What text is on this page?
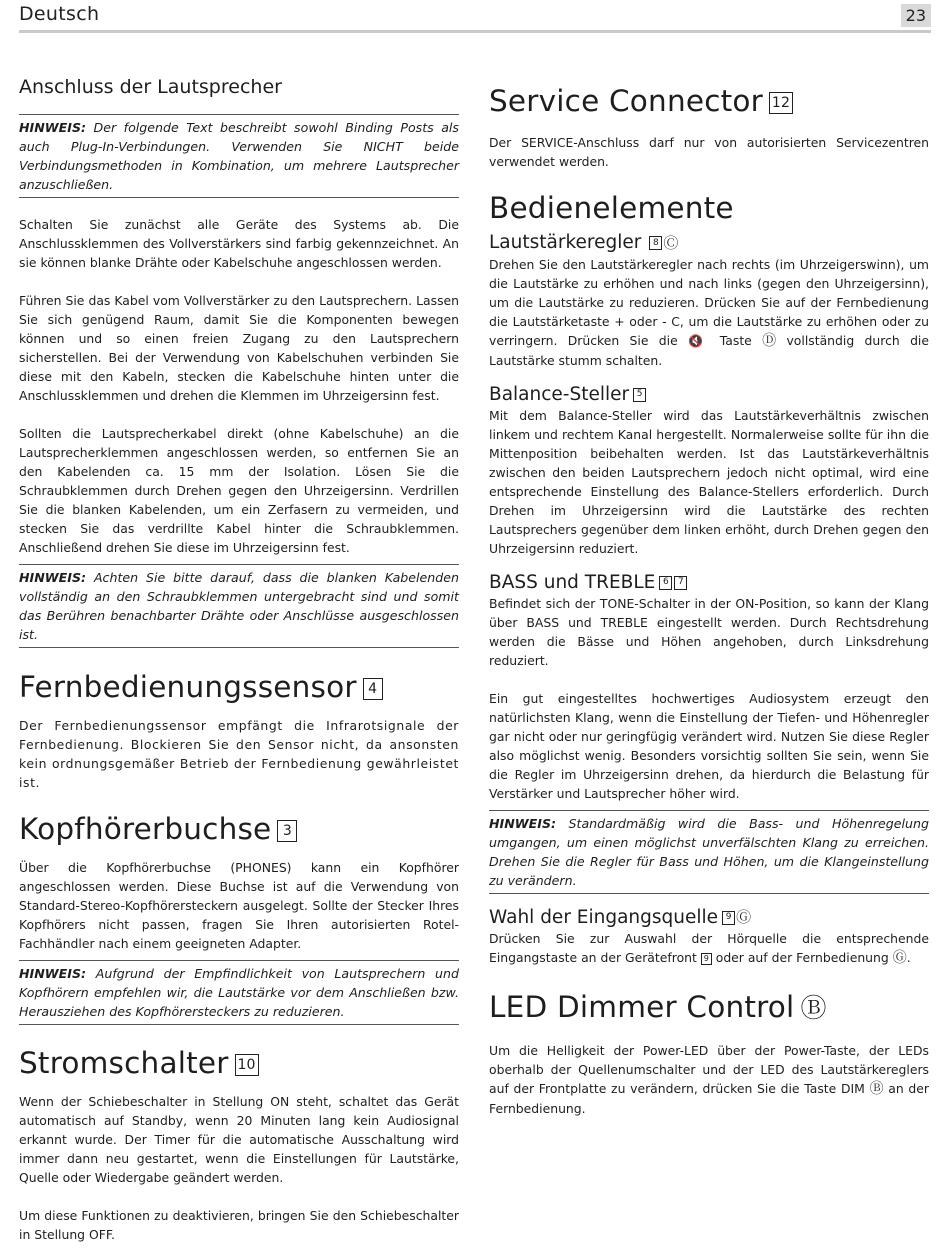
Deutsch	23
Anschluss der Lautsprecher

HINWEIS: Der folgende Text beschreibt sowohl Binding Posts als auch Plug-In-Verbindungen. Verwenden Sie NICHT beide Verbindungsmethoden in Kombination, um mehrere Lautsprecher anzuschließen.

Schalten Sie zunächst alle Geräte des Systems ab. Die Anschlussklemmen des Vollverstärkers sind farbig gekennzeichnet. An sie können blanke Drähte oder Kabelschuhe angeschlossen werden.

Führen Sie das Kabel vom Vollverstärker zu den Lautsprechern. Lassen Sie sich genügend Raum, damit Sie die Komponenten bewegen können und so einen freien Zugang zu den Lautsprechern sicherstellen. Bei der Verwendung von Kabelschuhen verbinden Sie diese mit den Kabeln, stecken die Kabelschuhe hinten unter die Anschlussklemmen und drehen die Klemmen im Uhrzeigersinn fest.

Sollten die Lautsprecherkabel direkt (ohne Kabelschuhe) an die Lautsprecherklemmen angeschlossen werden, so entfernen Sie an den Kabelenden ca. 15 mm der Isolation. Lösen Sie die Schraubklemmen durch Drehen gegen den Uhrzeigersinn. Verdrillen Sie die blanken Kabelenden, um ein Zerfasern zu vermeiden, und stecken Sie das verdrillte Kabel hinter die Schraubklemmen. Anschließend drehen Sie diese im Uhrzeigersinn fest.

HINWEIS: Achten Sie bitte darauf, dass die blanken Kabelenden vollständig an den Schraubklemmen untergebracht sind und somit das Berühren benachbarter Drähte oder Anschlüsse ausgeschlossen ist.

Fernbedienungssensor 4

Der Fernbedienungssensor empfängt die Infrarotsignale der Fernbedienung. Blockieren Sie den Sensor nicht, da ansonsten kein ordnungsgemäßer Betrieb der Fernbedienung gewährleistet ist.

Kopfhörerbuchse 3

Über die Kopfhörerbuchse (PHONES) kann ein Kopfhörer angeschlossen werden. Diese Buchse ist auf die Verwendung von Standard-Stereo-Kopfhörersteckern ausgelegt. Sollte der Stecker Ihres Kopfhörers nicht passen, fragen Sie Ihren autorisierten Rotel-Fachhändler nach einem geeigneten Adapter.

HINWEIS: Aufgrund der Empfindlichkeit von Lautsprechern und Kopfhörern empfehlen wir, die Lautstärke vor dem Anschließen bzw. Herausziehen des Kopfhörersteckers zu reduzieren.

Stromschalter 10

Wenn der Schiebeschalter in Stellung ON steht, schaltet das Gerät automatisch auf Standby, wenn 20 Minuten lang kein Audiosignal erkannt wurde. Der Timer für die automatische Ausschaltung wird immer dann neu gestartet, wenn die Einstellungen für Lautstärke, Quelle oder Wiedergabe geändert werden.

Um diese Funktionen zu deaktivieren, bringen Sie den Schiebeschalter in Stellung OFF.

Service Connector 12

Der SERVICE-Anschluss darf nur von autorisierten Servicezentren verwendet werden.

Bedienelemente
Lautstärkeregler 8 Ⓒ

Drehen Sie den Lautstärkeregler nach rechts (im Uhrzeigerswinn), um die Lautstärke zu erhöhen und nach links (gegen den Uhrzeigersinn), um die Lautstärke zu reduzieren. Drücken Sie auf der Fernbedienung die Lautstärketaste + oder - C, um die Lautstärke zu erhöhen oder zu verringern. Drücken Sie die 🔇 Taste Ⓓ vollständig durch die Lautstärke stumm schalten.

Balance-Steller 5

Mit dem Balance-Steller wird das Lautstärkeverhältnis zwischen linkem und rechtem Kanal hergestellt. Normalerweise sollte für ihn die Mittenposition beibehalten werden. Ist das Lautstärkeverhältnis zwischen den beiden Lautsprechern jedoch nicht optimal, wird eine entsprechende Einstellung des Balance-Stellers erforderlich. Durch Drehen im Uhrzeigersinn wird die Lautstärke des rechten Lautsprechers gegenüber dem linken erhöht, durch Drehen gegen den Uhrzeigersinn reduziert.

BASS und TREBLE 6 7

Befindet sich der TONE-Schalter in der ON-Position, so kann der Klang über BASS und TREBLE eingestellt werden. Durch Rechtsdrehung werden die Bässe und Höhen angehoben, durch Linksdrehung reduziert.

Ein gut eingestelltes hochwertiges Audiosystem erzeugt den natürlichsten Klang, wenn die Einstellung der Tiefen- und Höhenregler gar nicht oder nur geringfügig verändert wird. Nutzen Sie diese Regler also möglichst wenig. Besonders vorsichtig sollten Sie sein, wenn Sie die Regler im Uhrzeigersinn drehen, da hierdurch die Belastung für Verstärker und Lautsprecher höher wird.

HINWEIS: Standardmäßig wird die Bass- und Höhenregelung umgangen, um einen möglichst unverfälschten Klang zu erreichen. Drehen Sie die Regler für Bass und Höhen, um die Klangeinstellung zu verändern.

Wahl der Eingangsquelle 9 Ⓖ

Drücken Sie zur Auswahl der Hörquelle die entsprechende Eingangstaste an der Gerätefront 9 oder auf der Fernbedienung Ⓖ.

LED Dimmer Control Ⓑ

Um die Helligkeit der Power-LED über der Power-Taste, der LEDs oberhalb der Quellenumschalter und der LED des Lautstärkereglers auf der Frontplatte zu verändern, drücken Sie die Taste DIM Ⓑ an der Fernbedienung.
